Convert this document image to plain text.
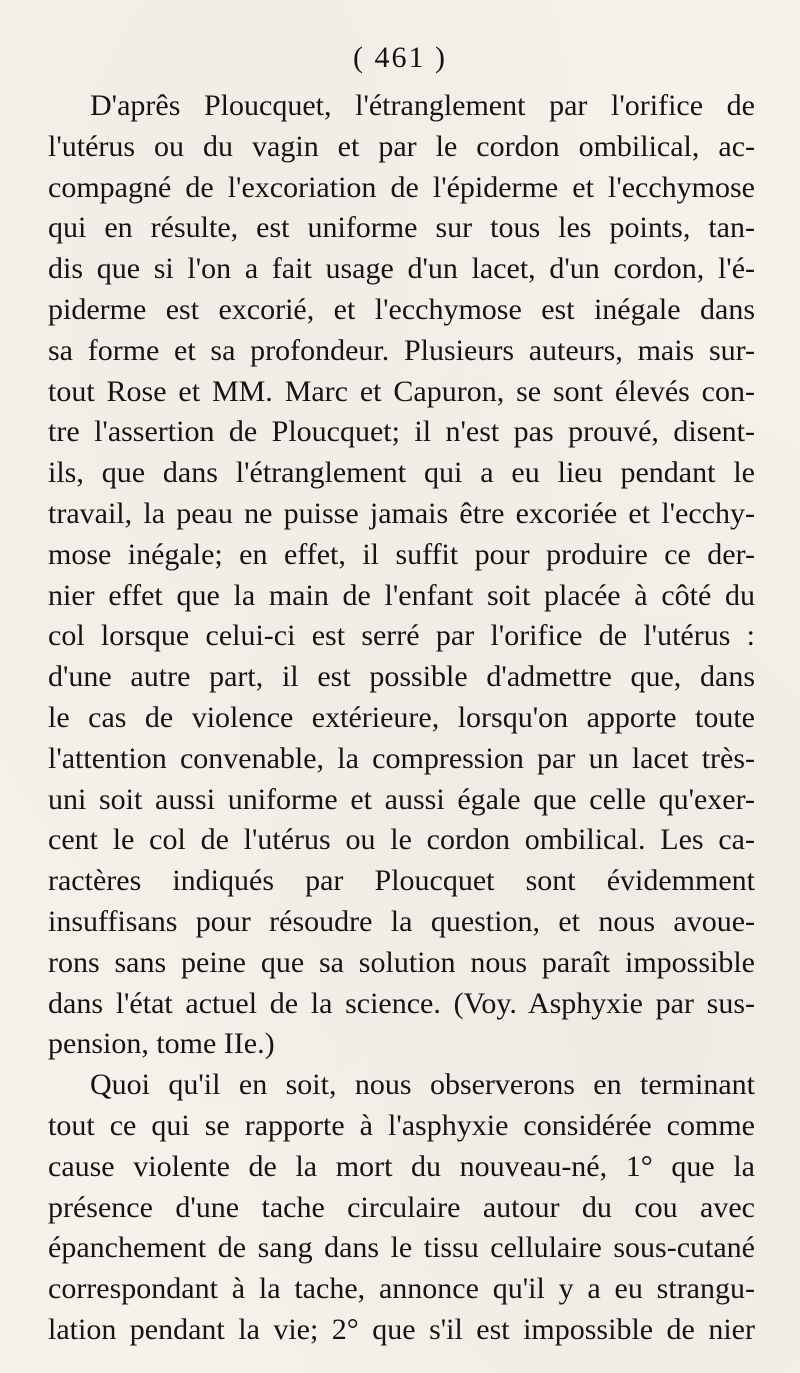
( 461 )
D'aprês Ploucquet, l'étranglement par l'orifice de
l'utérus ou du vagin et par le cordon ombilical, ac-
compagné de l'excoriation de l'épiderme et l'ecchymose
qui en résulte, est uniforme sur tous les points, tan-
dis que si l'on a fait usage d'un lacet, d'un cordon, l'é-
piderme est excorié, et l'ecchymose est inégale dans
sa forme et sa profondeur. Plusieurs auteurs, mais sur-
tout Rose et MM. Marc et Capuron, se sont élevés con-
tre l'assertion de Ploucquet; il n'est pas prouvé, disent-
ils, que dans l'étranglement qui a eu lieu pendant le
travail, la peau ne puisse jamais être excoriée et l'ecchy-
mose inégale; en effet, il suffit pour produire ce der-
nier effet que la main de l'enfant soit placée à côté du
col lorsque celui-ci est serré par l'orifice de l'utérus :
d'une autre part, il est possible d'admettre que, dans
le cas de violence extérieure, lorsqu'on apporte toute
l'attention convenable, la compression par un lacet très-
uni soit aussi uniforme et aussi égale que celle qu'exer-
cent le col de l'utérus ou le cordon ombilical. Les ca-
ractères indiqués par Ploucquet sont évidemment
insuffisans pour résoudre la question, et nous avoue-
rons sans peine que sa solution nous paraît impossible
dans l'état actuel de la science. (Voy. Asphyxie par sus-
pension, tome IIe.)
Quoi qu'il en soit, nous observerons en terminant
tout ce qui se rapporte à l'asphyxie considérée comme
cause violente de la mort du nouveau-né, 1° que la
présence d'une tache circulaire autour du cou avec
épanchement de sang dans le tissu cellulaire sous-cutané
correspondant à la tache, annonce qu'il y a eu strangu-
lation pendant la vie; 2° que s'il est impossible de nier
